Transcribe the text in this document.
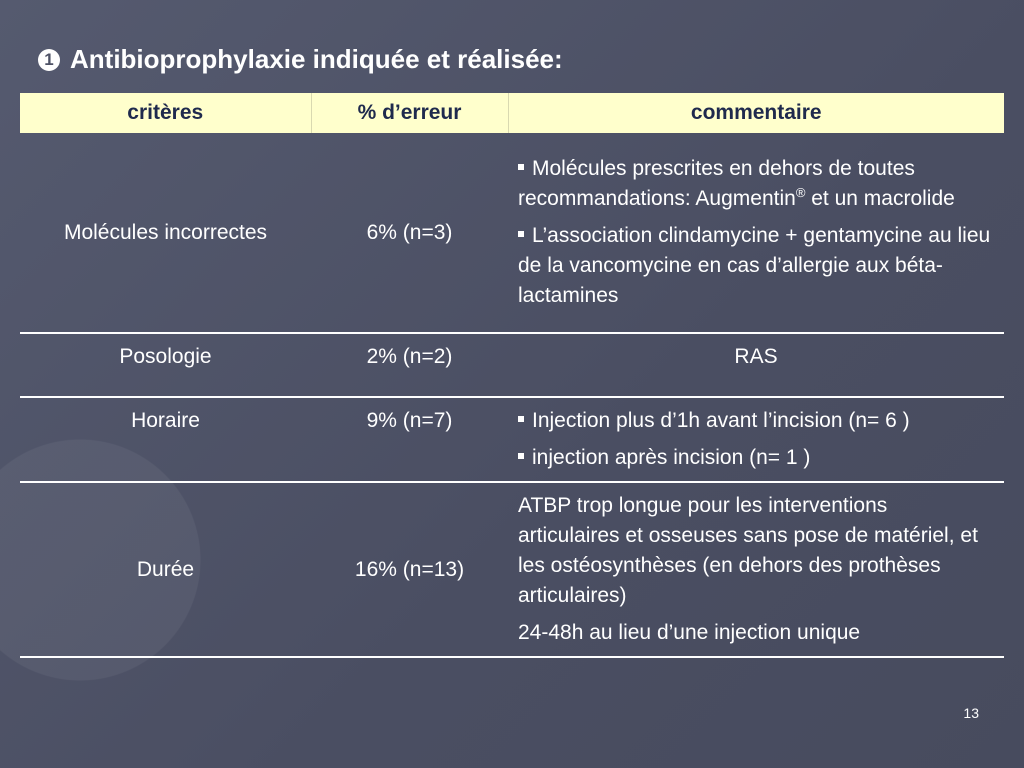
1 Antibioprophylaxie indiquée et réalisée:
critères	% d’erreur	commentaire
Molécules incorrectes	6% (n=3)	Molécules prescrites en dehors de toutes recommandations: Augmentin® et un macrolide

L’association clindamycine + gentamycine au lieu de la vancomycine en cas d’allergie aux béta-lactamines

Posologie	2% (n=2)	RAS
Horaire	9% (n=7)	Injection plus d’1h avant l’incision (n= 6 )

injection après incision (n= 1 )

Durée	16% (n=13)	ATBP trop longue pour les interventions articulaires et osseuses sans pose de matériel, et les ostéosynthèses (en dehors des prothèses articulaires)

24-48h au lieu d’une injection unique

13
